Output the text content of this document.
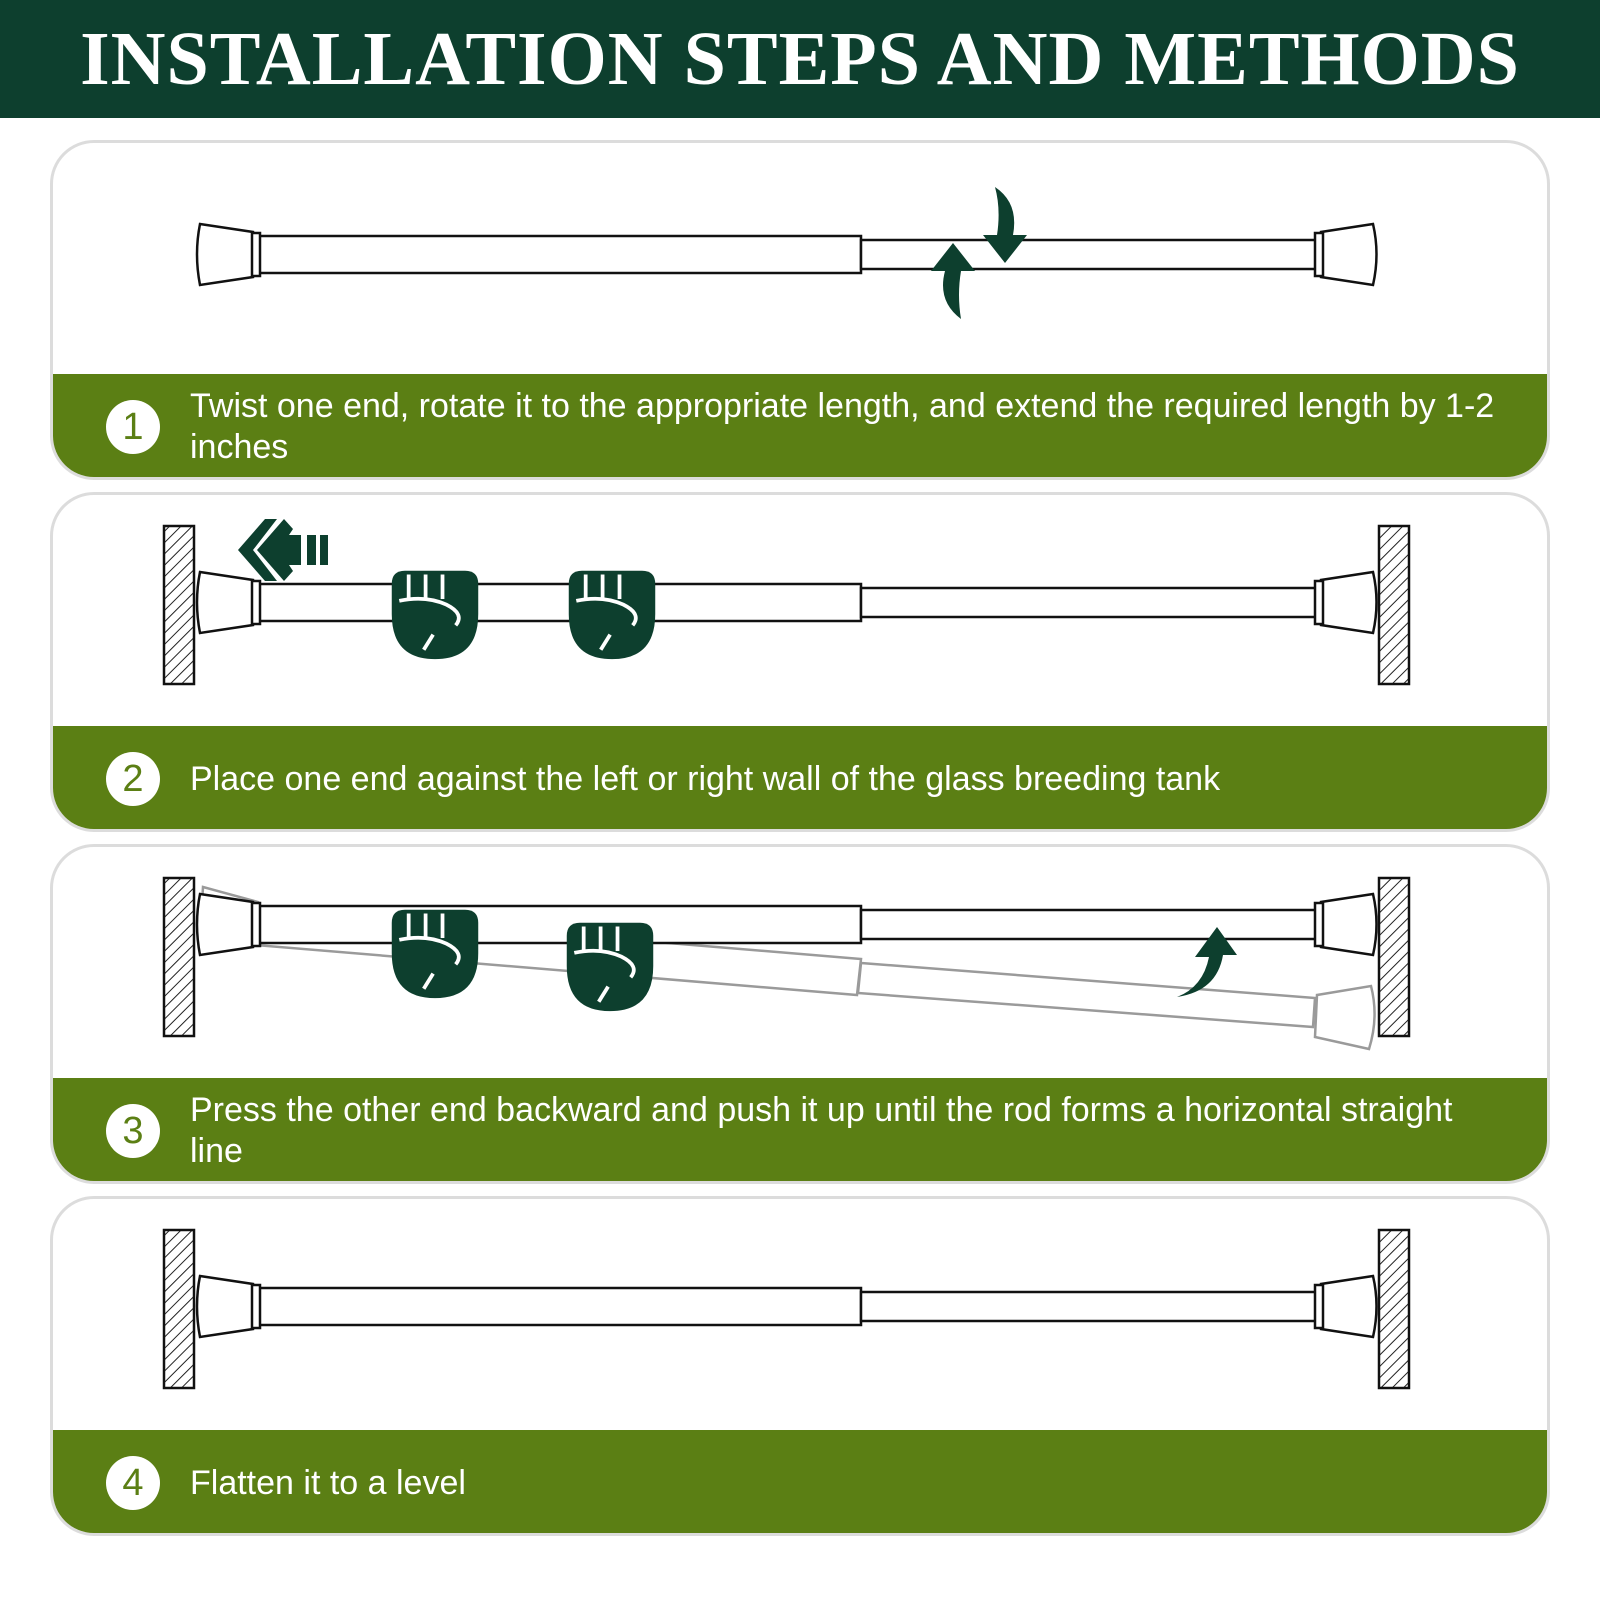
INSTALLATION STEPS AND METHODS
1	Twist one end, rotate it to the appropriate length, and extend the required length by 1-2 inches
2	Place one end against the left or right wall of the glass breeding tank
3	Press the other end backward and push it up until the rod forms a horizontal straight line
4	Flatten it to a level
